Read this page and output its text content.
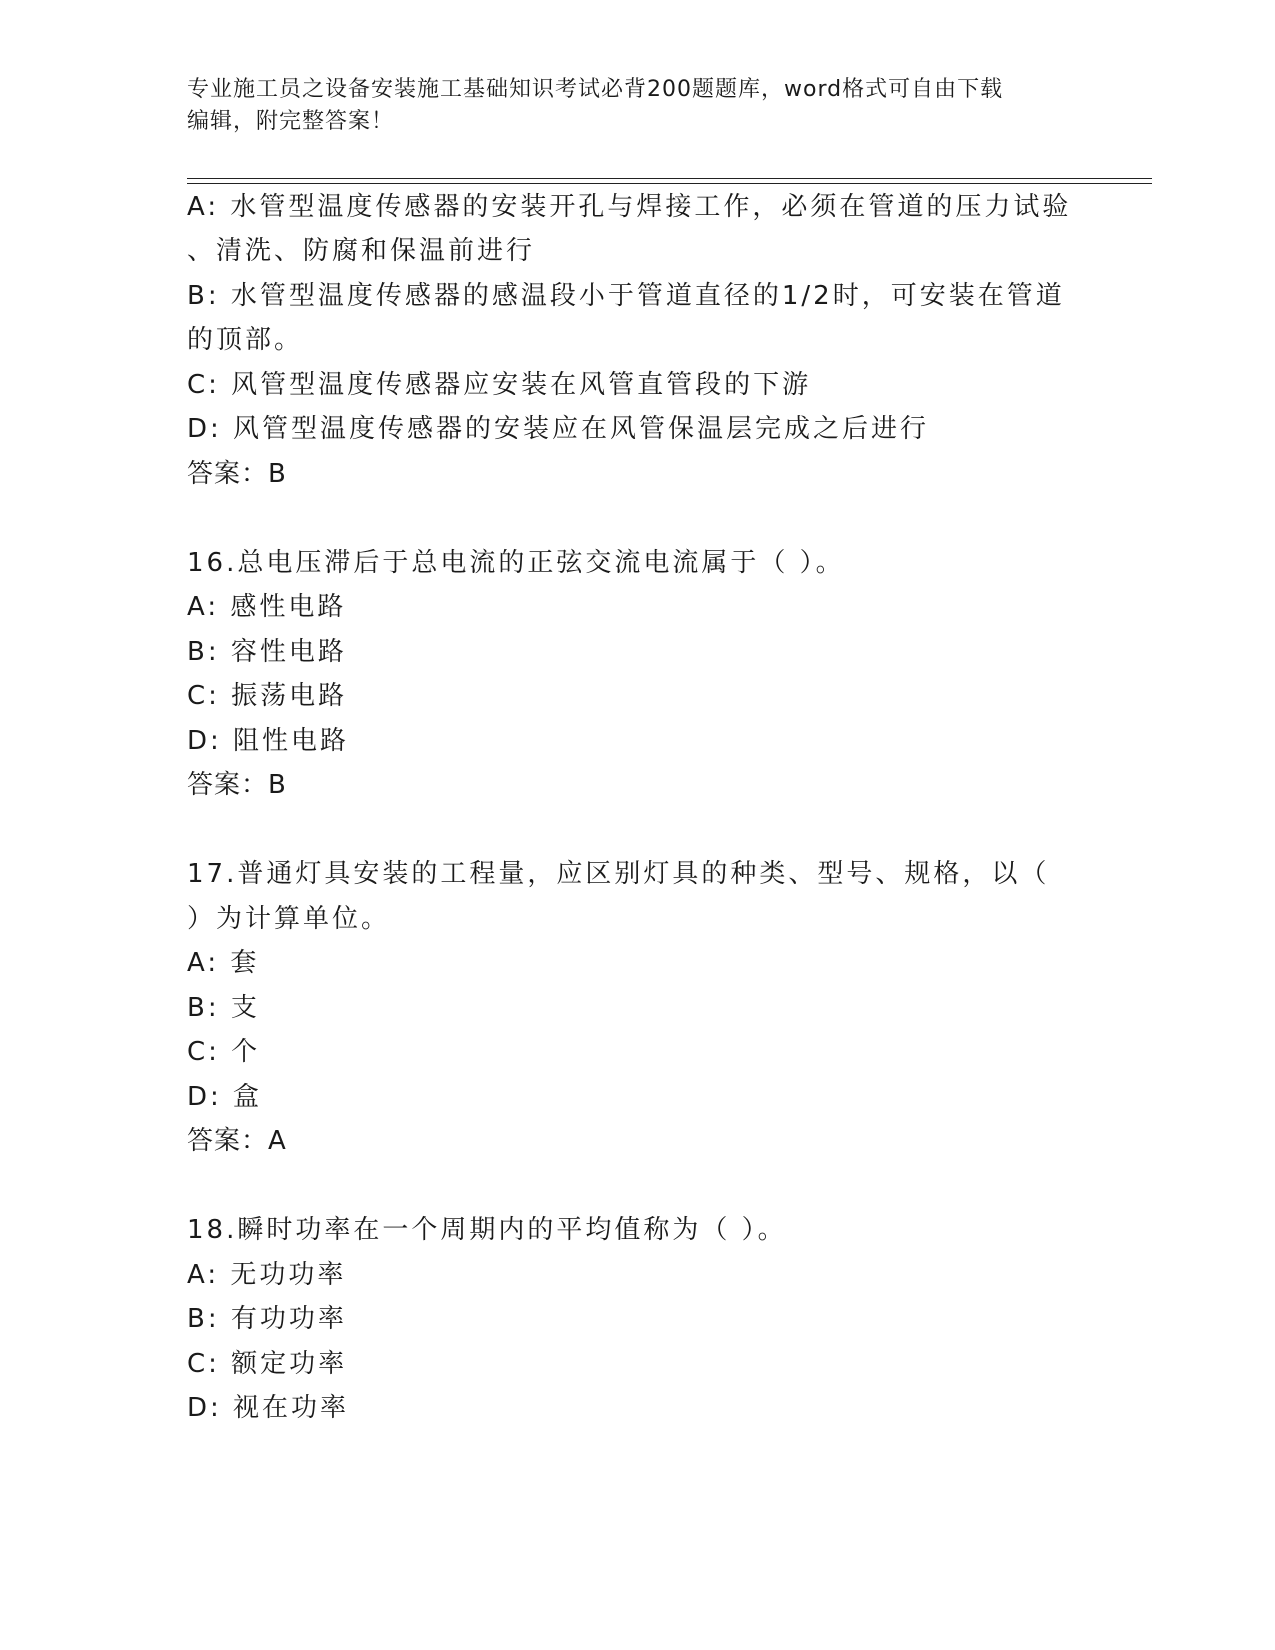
专业施工员之设备安装施工基础知识考试必背200题题库，word格式可自由下载
编辑，附完整答案！
A: 水管型温度传感器的安装开孔与焊接工作，必须在管道的压力试验
、清洗、防腐和保温前进行
B: 水管型温度传感器的感温段小于管道直径的1/2时，可安装在管道
的顶部。
C: 风管型温度传感器应安装在风管直管段的下游
D: 风管型温度传感器的安装应在风管保温层完成之后进行
答案：B
16.总电压滞后于总电流的正弦交流电流属于（ ）。
A: 感性电路
B: 容性电路
C: 振荡电路
D: 阻性电路
答案：B
17.普通灯具安装的工程量，应区别灯具的种类、型号、规格，以（
）为计算单位。
A: 套
B: 支
C: 个
D: 盒
答案：A
18.瞬时功率在一个周期内的平均值称为（ ）。
A: 无功功率
B: 有功功率
C: 额定功率
D: 视在功率
